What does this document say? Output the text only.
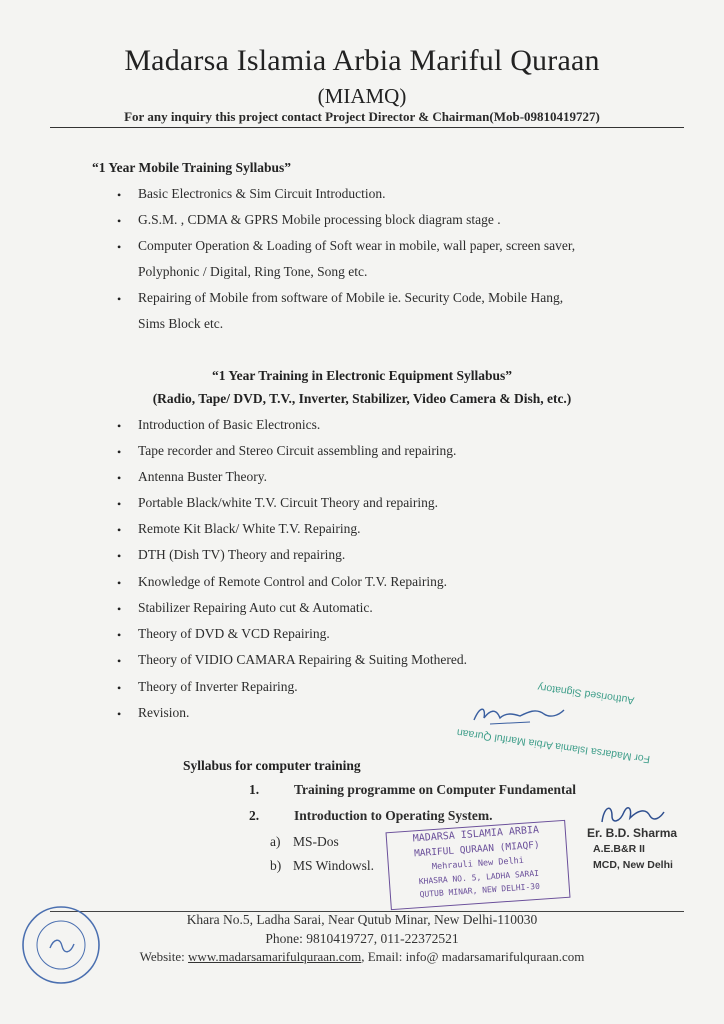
Madarsa Islamia Arbia Mariful Quraan
(MIAMQ)
For any inquiry this project contact Project Director & Chairman(Mob-09810419727)
“1 Year Mobile Training Syllabus”
• Basic Electronics & Sim Circuit Introduction.
• G.S.M. , CDMA & GPRS Mobile processing block diagram stage .
• Computer Operation & Loading of Soft wear in mobile, wall paper, screen saver,
Polyphonic / Digital, Ring Tone, Song etc.
• Repairing of Mobile from software of Mobile ie. Security Code, Mobile Hang,
Sims Block etc.
“1 Year Training in Electronic Equipment Syllabus”
(Radio, Tape/ DVD, T.V., Inverter, Stabilizer, Video Camera & Dish, etc.)
• Introduction of Basic Electronics.
• Tape recorder and Stereo Circuit assembling and repairing.
• Antenna Buster Theory.
• Portable Black/white T.V. Circuit Theory and repairing.
• Remote Kit Black/ White T.V. Repairing.
• DTH (Dish TV) Theory and repairing.
• Knowledge of Remote Control and Color T.V. Repairing.
• Stabilizer Repairing Auto cut & Automatic.
• Theory of DVD & VCD Repairing.
• Theory of VIDIO CAMARA Repairing & Suiting Mothered.
• Theory of Inverter Repairing.
• Revision.
For Madarsa Islamia Arbia Mariful Quraan
Authorised Signatory
Syllabus for computer training
1.	Training programme on Computer Fundamental
2.	Introduction to Operating System.
a) MS-Dos
b) MS Windowsl.
MADARSA ISLAMIA ARBIA
MARIFUL QURAAN (MIAQF)
Mehrauli New Delhi
KHASRA NO. 5, LADHA SARAI
QUTUB MINAR, NEW DELHI-30
Er. B.D. Sharma
A.E.B&R II
MCD, New Delhi
Khara No.5, Ladha Sarai, Near Qutub Minar, New Delhi-110030
Phone: 9810419727, 011-22372521
Website: www.madarsamarifulquraan.com, Email: info@ madarsamarifulquraan.com
